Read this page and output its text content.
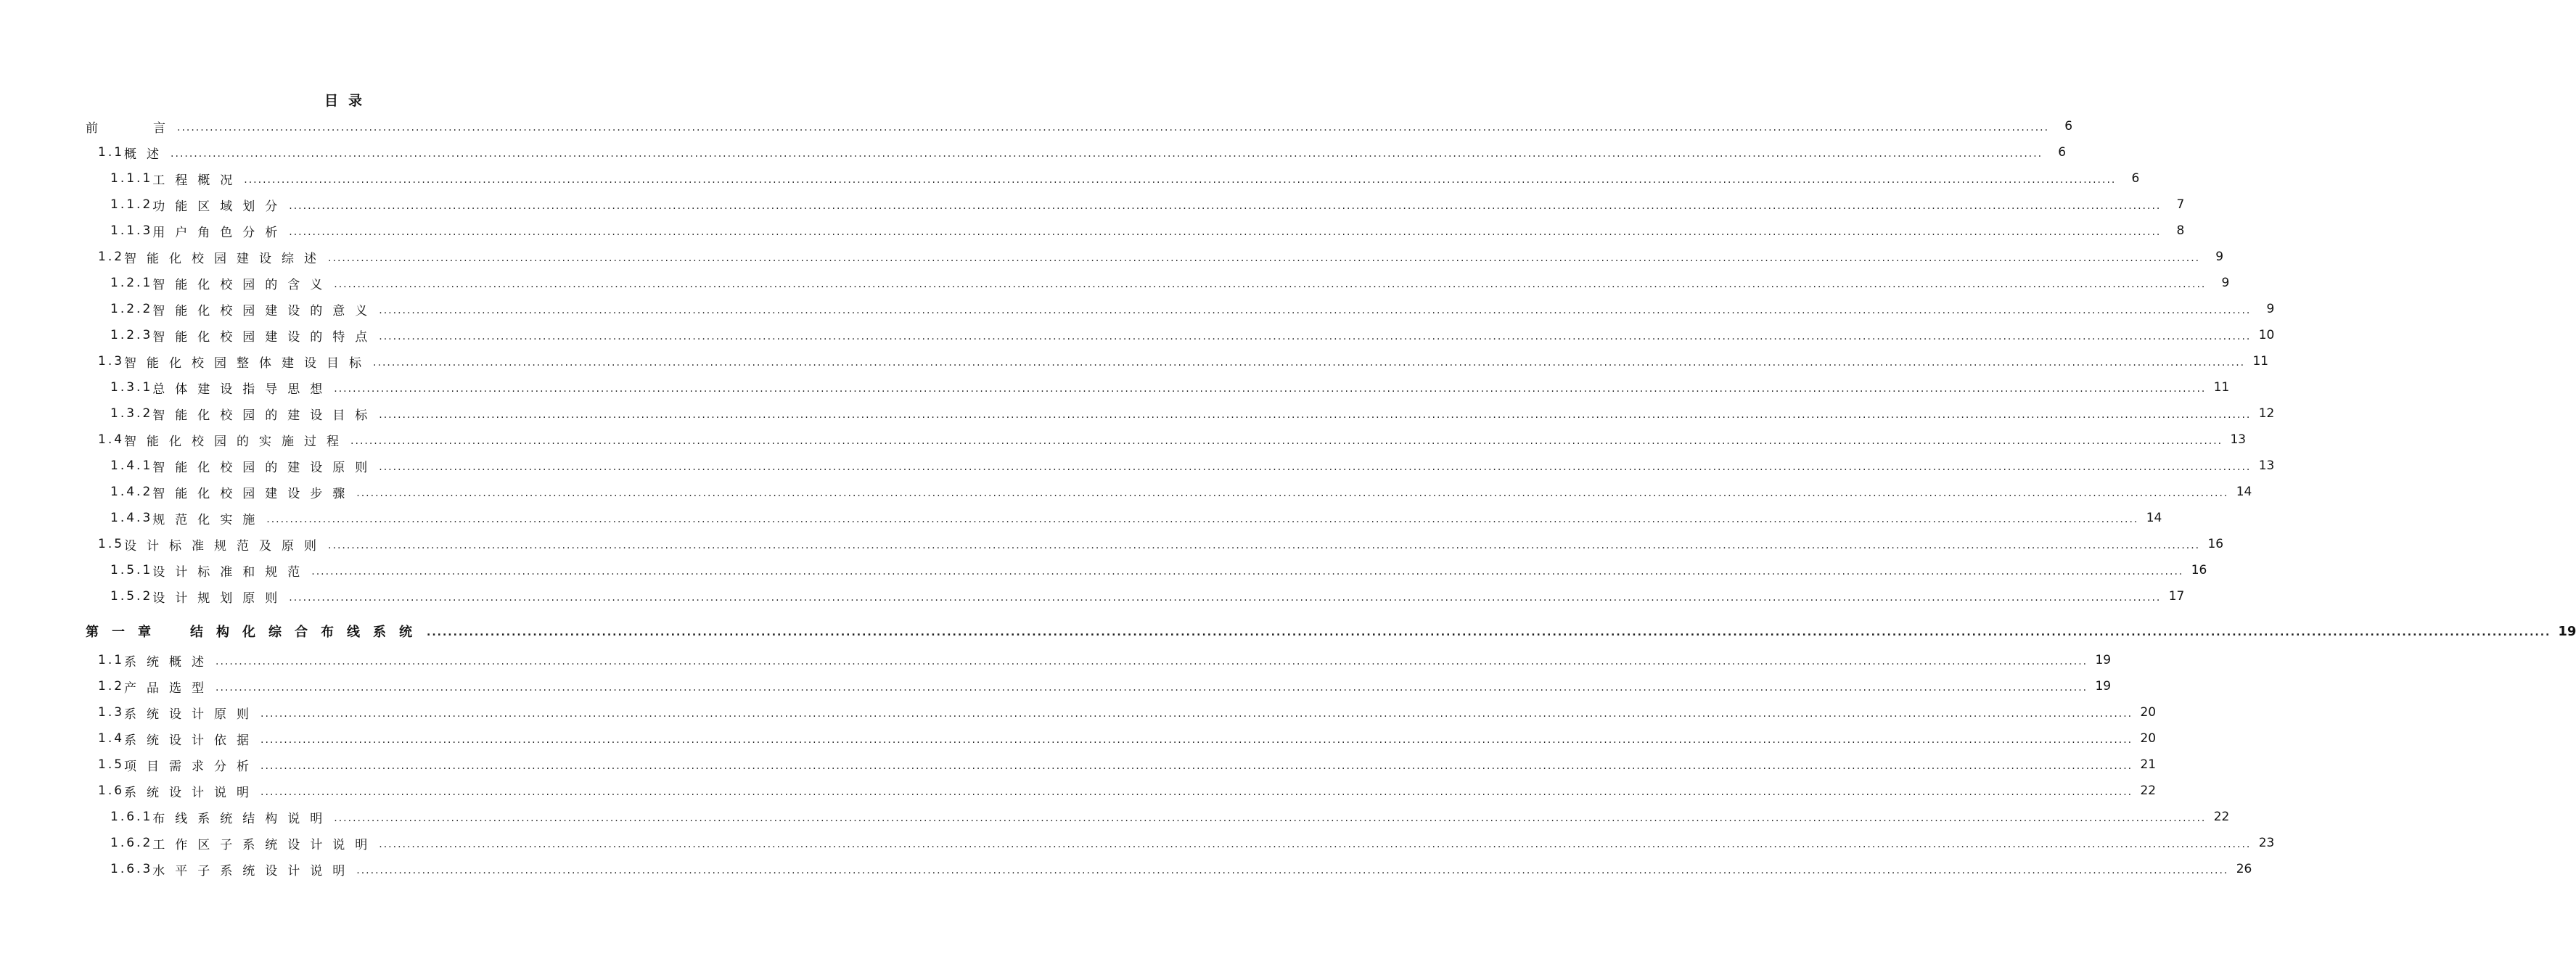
目录
前　　言 ................................................................................................................................................................................................................................................................................................................................................................................................................	6
1.1 概述 ................................................................................................................................................................................................................................................................................................................................................................................................................	6
1.1.1 工程概况 ................................................................................................................................................................................................................................................................................................................................................................................................................	6
1.1.2 功能区域划分 ................................................................................................................................................................................................................................................................................................................................................................................................................	7
1.1.3 用户角色分析 ................................................................................................................................................................................................................................................................................................................................................................................................................	8
1.2 智能化校园建设综述 ................................................................................................................................................................................................................................................................................................................................................................................................................	9
1.2.1 智能化校园的含义 ................................................................................................................................................................................................................................................................................................................................................................................................................	9
1.2.2 智能化校园建设的意义 ................................................................................................................................................................................................................................................................................................................................................................................................................	9
1.2.3 智能化校园建设的特点 ................................................................................................................................................................................................................................................................................................................................................................................................................ 10
1.3 智能化校园整体建设目标 ................................................................................................................................................................................................................................................................................................................................................................................................................ 11
1.3.1 总体建设指导思想 ................................................................................................................................................................................................................................................................................................................................................................................................................ 11
1.3.2 智能化校园的建设目标 ................................................................................................................................................................................................................................................................................................................................................................................................................ 12
1.4 智能化校园的实施过程 ................................................................................................................................................................................................................................................................................................................................................................................................................ 13
1.4.1 智能化校园的建设原则 ................................................................................................................................................................................................................................................................................................................................................................................................................ 13
1.4.2 智能化校园建设步骤 ................................................................................................................................................................................................................................................................................................................................................................................................................ 14
1.4.3 规范化实施 ................................................................................................................................................................................................................................................................................................................................................................................................................ 14
1.5 设计标准规范及原则 ................................................................................................................................................................................................................................................................................................................................................................................................................ 16
1.5.1 设计标准和规范 ................................................................................................................................................................................................................................................................................................................................................................................................................ 16
1.5.2 设计规划原则 ................................................................................................................................................................................................................................................................................................................................................................................................................ 17
第一章　结构化综合布线系统 ................................................................................................................................................................................................................................................................................................................................................................................................................ 19
1.1 系统概述 ................................................................................................................................................................................................................................................................................................................................................................................................................ 19
1.2 产品选型 ................................................................................................................................................................................................................................................................................................................................................................................................................ 19
1.3 系统设计原则 ................................................................................................................................................................................................................................................................................................................................................................................................................ 20
1.4 系统设计依据 ................................................................................................................................................................................................................................................................................................................................................................................................................ 20
1.5 项目需求分析 ................................................................................................................................................................................................................................................................................................................................................................................................................ 21
1.6 系统设计说明 ................................................................................................................................................................................................................................................................................................................................................................................................................ 22
1.6.1 布线系统结构说明 ................................................................................................................................................................................................................................................................................................................................................................................................................ 22
1.6.2 工作区子系统设计说明 ................................................................................................................................................................................................................................................................................................................................................................................................................ 23
1.6.3 水平子系统设计说明 ................................................................................................................................................................................................................................................................................................................................................................................................................ 26
